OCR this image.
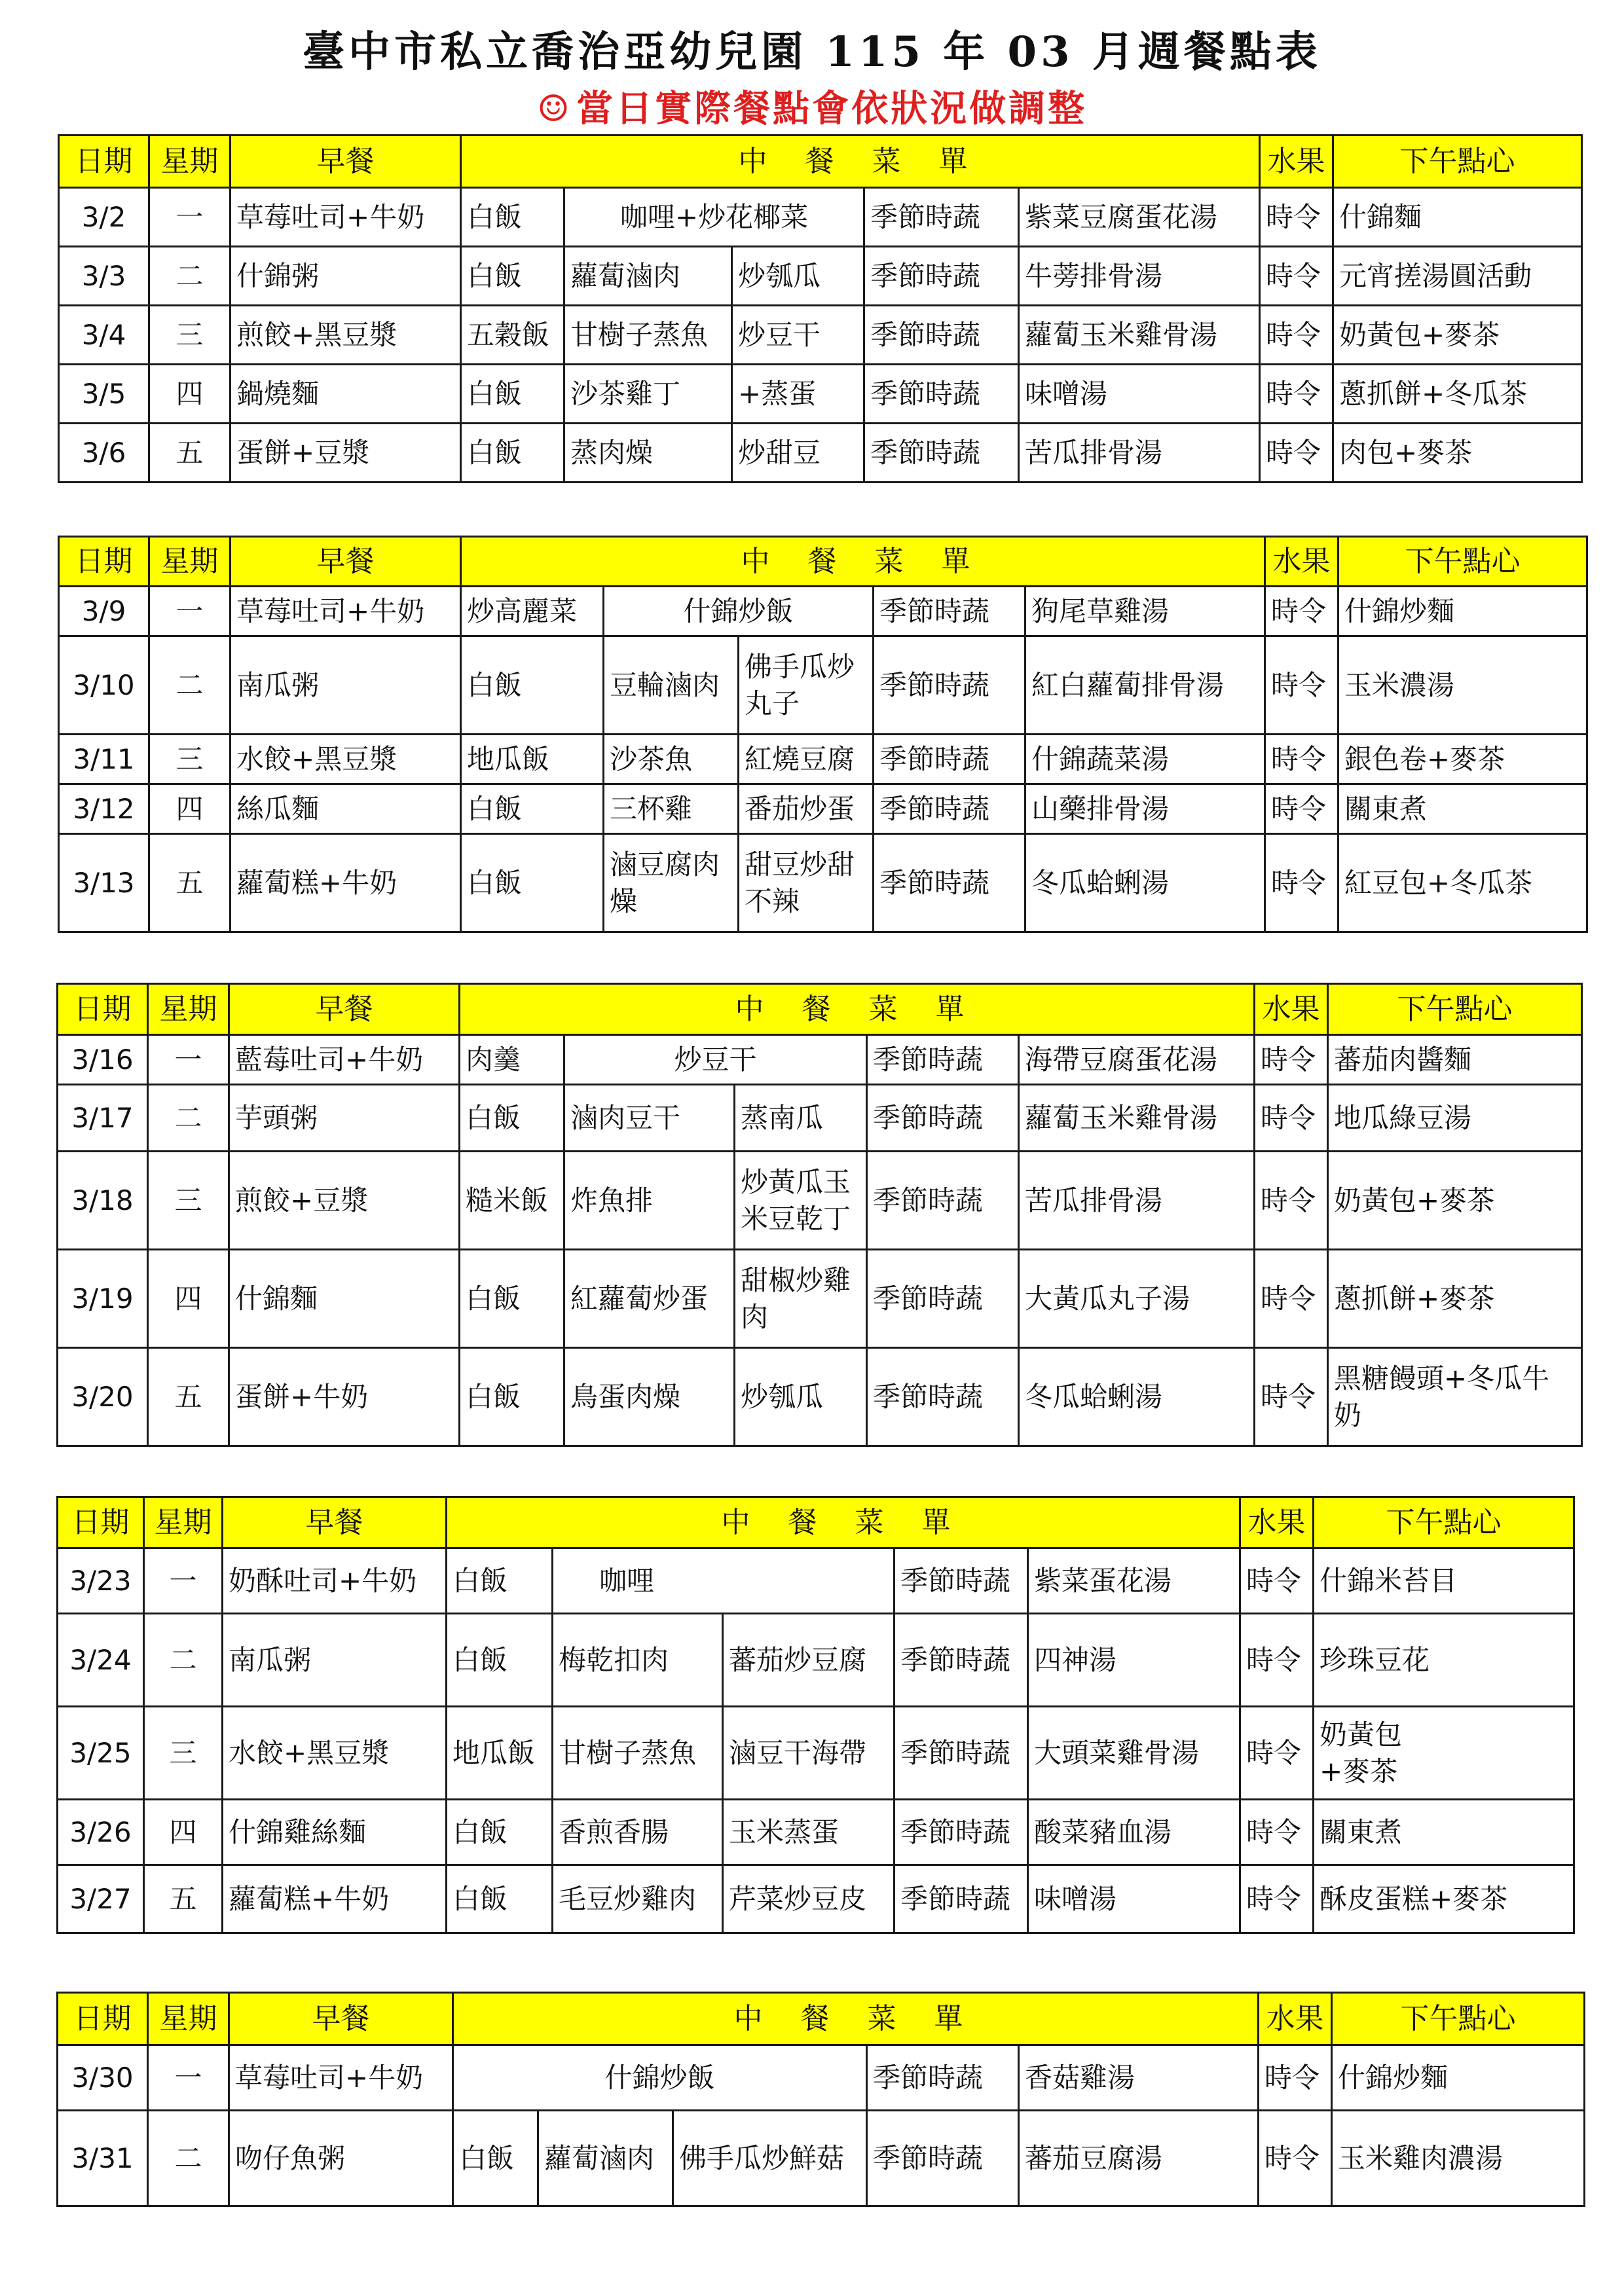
臺中市私立喬治亞幼兒園 115 年 03 月週餐點表
☺ 當日實際餐點會依狀況做調整
日期	星期	早餐	中 餐 菜 單					水果	下午點心
3/2	一	草莓吐司+牛奶	白飯	咖哩+炒花椰菜		季節時蔬	紫菜豆腐蛋花湯	時令	什錦麵
3/3	二	什錦粥	白飯	蘿蔔滷肉	炒瓠瓜	季節時蔬	牛蒡排骨湯	時令	元宵搓湯圓活動
3/4	三	煎餃+黑豆漿	五穀飯	甘樹子蒸魚	炒豆干	季節時蔬	蘿蔔玉米雞骨湯	時令	奶黃包+麥茶
3/5	四	鍋燒麵	白飯	沙茶雞丁	+蒸蛋	季節時蔬	味噌湯	時令	蔥抓餅+冬瓜茶
3/6	五	蛋餅+豆漿	白飯	蒸肉燥	炒甜豆	季節時蔬	苦瓜排骨湯	時令	肉包+麥茶
日期	星期	早餐	中 餐 菜 單					水果	下午點心
3/9	一	草莓吐司+牛奶	炒高麗菜	什錦炒飯		季節時蔬	狗尾草雞湯	時令	什錦炒麵
3/10	二	南瓜粥	白飯	豆輪滷肉	佛手瓜炒丸子	季節時蔬	紅白蘿蔔排骨湯	時令	玉米濃湯
3/11	三	水餃+黑豆漿	地瓜飯	沙茶魚	紅燒豆腐	季節時蔬	什錦蔬菜湯	時令	銀色卷+麥茶
3/12	四	絲瓜麵	白飯	三杯雞	番茄炒蛋	季節時蔬	山藥排骨湯	時令	關東煮
3/13	五	蘿蔔糕+牛奶	白飯	滷豆腐肉燥	甜豆炒甜不辣	季節時蔬	冬瓜蛤蜊湯	時令	紅豆包+冬瓜茶
日期	星期	早餐	中 餐 菜 單					水果	下午點心
3/16	一	藍莓吐司+牛奶	肉羹	炒豆干		季節時蔬	海帶豆腐蛋花湯	時令	蕃茄肉醬麵
3/17	二	芋頭粥	白飯	滷肉豆干	蒸南瓜	季節時蔬	蘿蔔玉米雞骨湯	時令	地瓜綠豆湯
3/18	三	煎餃+豆漿	糙米飯	炸魚排	炒黃瓜玉米豆乾丁	季節時蔬	苦瓜排骨湯	時令	奶黃包+麥茶
3/19	四	什錦麵	白飯	紅蘿蔔炒蛋	甜椒炒雞肉	季節時蔬	大黃瓜丸子湯	時令	蔥抓餅+麥茶
3/20	五	蛋餅+牛奶	白飯	鳥蛋肉燥	炒瓠瓜	季節時蔬	冬瓜蛤蜊湯	時令	黑糖饅頭+冬瓜牛奶
日期	星期	早餐	中 餐 菜 單					水果	下午點心
3/23	一	奶酥吐司+牛奶	白飯	咖哩		季節時蔬	紫菜蛋花湯	時令	什錦米苔目
3/24	二	南瓜粥	白飯	梅乾扣肉	蕃茄炒豆腐	季節時蔬	四神湯	時令	珍珠豆花
3/25	三	水餃+黑豆漿	地瓜飯	甘樹子蒸魚	滷豆干海帶	季節時蔬	大頭菜雞骨湯	時令	奶黃包+麥茶
3/26	四	什錦雞絲麵	白飯	香煎香腸	玉米蒸蛋	季節時蔬	酸菜豬血湯	時令	關東煮
3/27	五	蘿蔔糕+牛奶	白飯	毛豆炒雞肉	芹菜炒豆皮	季節時蔬	味噌湯	時令	酥皮蛋糕+麥茶
日期	星期	早餐	中 餐 菜 單					水果	下午點心
3/30	一	草莓吐司+牛奶	什錦炒飯			季節時蔬	香菇雞湯	時令	什錦炒麵
3/31	二	吻仔魚粥	白飯	蘿蔔滷肉	佛手瓜炒鮮菇	季節時蔬	蕃茄豆腐湯	時令	玉米雞肉濃湯
